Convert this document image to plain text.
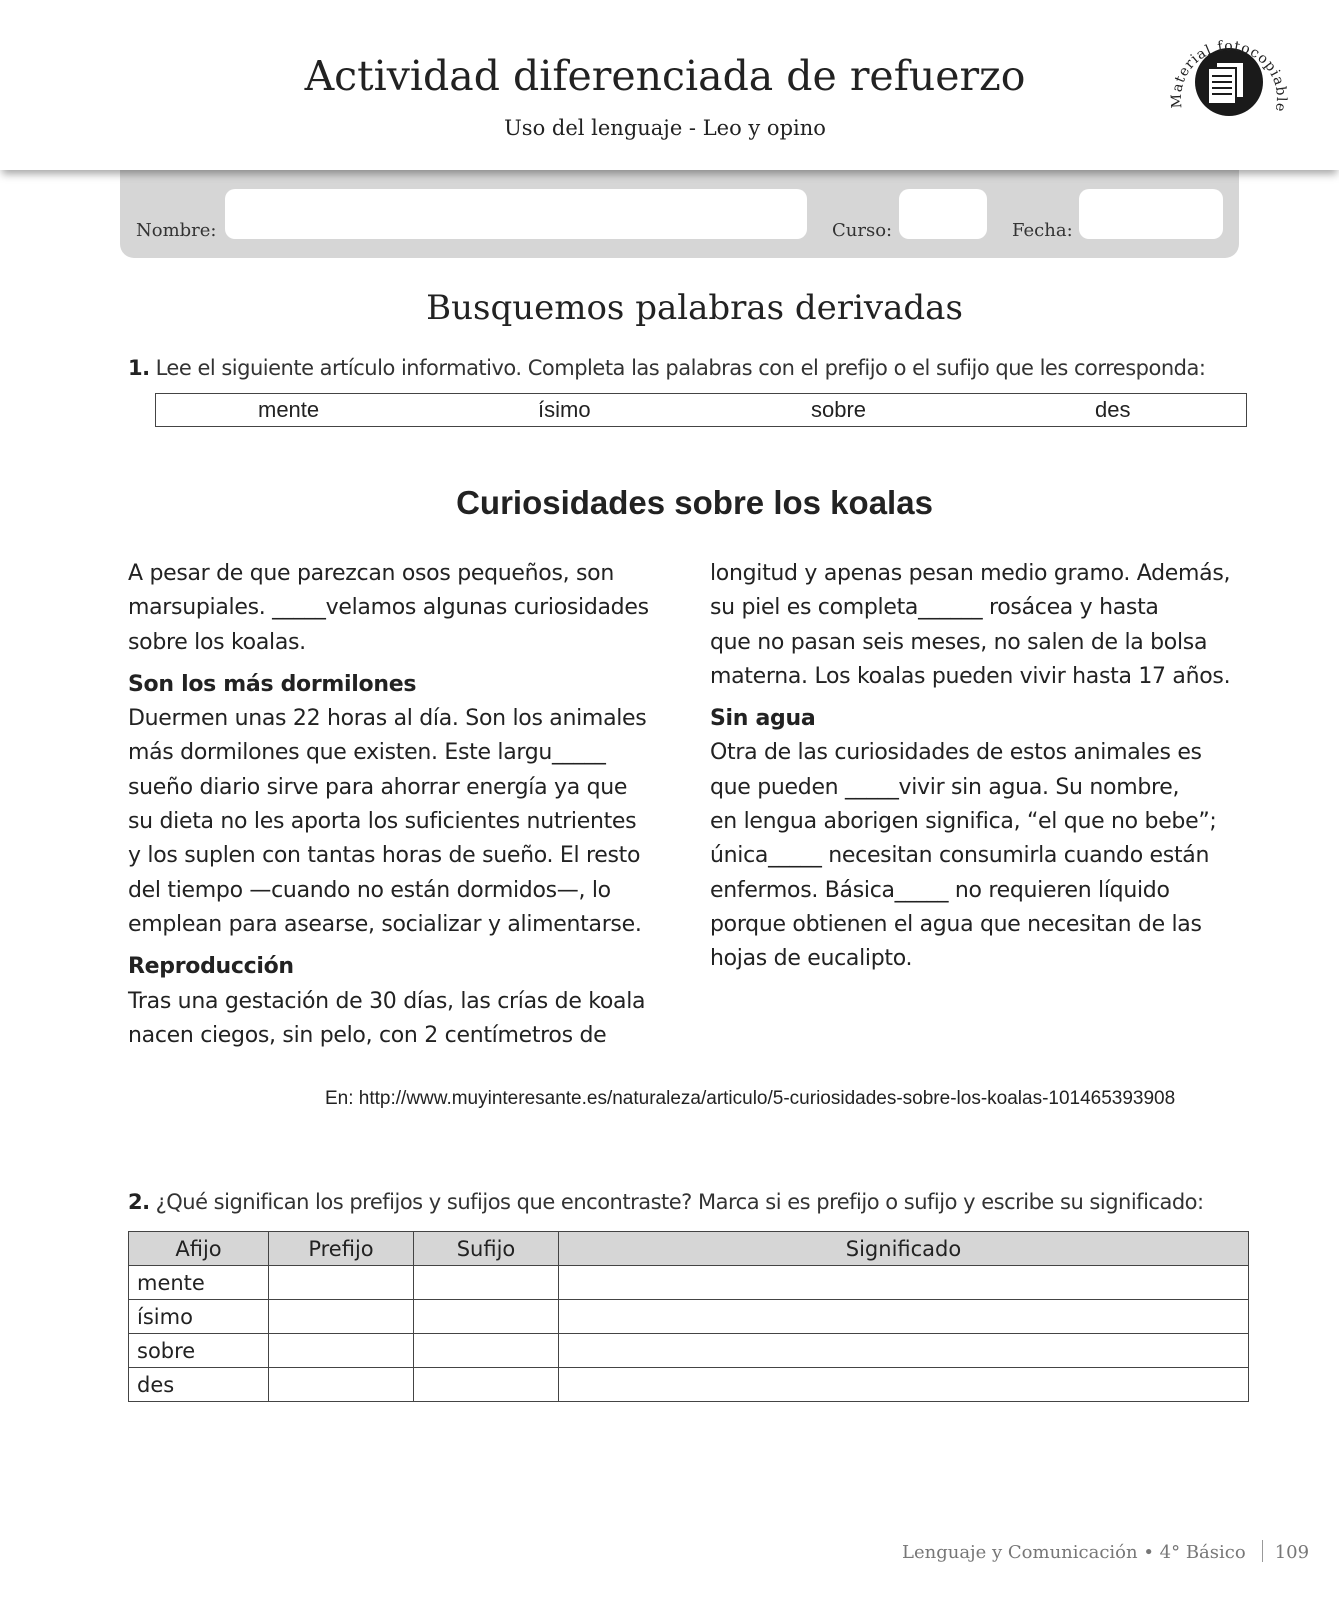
Actividad diferenciada de refuerzo
Uso del lenguaje - Leo y opino
Material fotocopiable
Nombre:	Curso:	Fecha:
Busquemos palabras derivadas
1. Lee el siguiente artículo informativo. Completa las palabras con el prefijo o el sufijo que les corresponda:
mente	ísimo	sobre	des
Curiosidades sobre los koalas

A pesar de que parezcan osos pequeños, son
marsupiales. _____velamos algunas curiosidades
sobre los koalas.

Son los más dormilones

Duermen unas 22 horas al día. Son los animales
más dormilones que existen. Este largu_____
sueño diario sirve para ahorrar energía ya que
su dieta no les aporta los suficientes nutrientes
y los suplen con tantas horas de sueño. El resto
del tiempo —cuando no están dormidos—, lo
emplean para asearse, socializar y alimentarse.

Reproducción

Tras una gestación de 30 días, las crías de koala
nacen ciegos, sin pelo, con 2 centímetros de

longitud y apenas pesan medio gramo. Además,
su piel es completa______ rosácea y hasta
que no pasan seis meses, no salen de la bolsa
materna. Los koalas pueden vivir hasta 17 años.

Sin agua

Otra de las curiosidades de estos animales es
que pueden _____vivir sin agua. Su nombre,
en lengua aborigen significa, “el que no bebe”;
única_____ necesitan consumirla cuando están
enfermos. Básica_____ no requieren líquido
porque obtienen el agua que necesitan de las
hojas de eucalipto.

En: http://www.muyinteresante.es/naturaleza/articulo/5-curiosidades-sobre-los-koalas-101465393908
2. ¿Qué significan los prefijos y sufijos que encontraste? Marca si es prefijo o sufijo y escribe su significado:
Afijo	Prefijo	Sufijo	Significado
mente			
ísimo			
sobre			
des			
Lenguaje y Comunicación • 4° Básico 109
